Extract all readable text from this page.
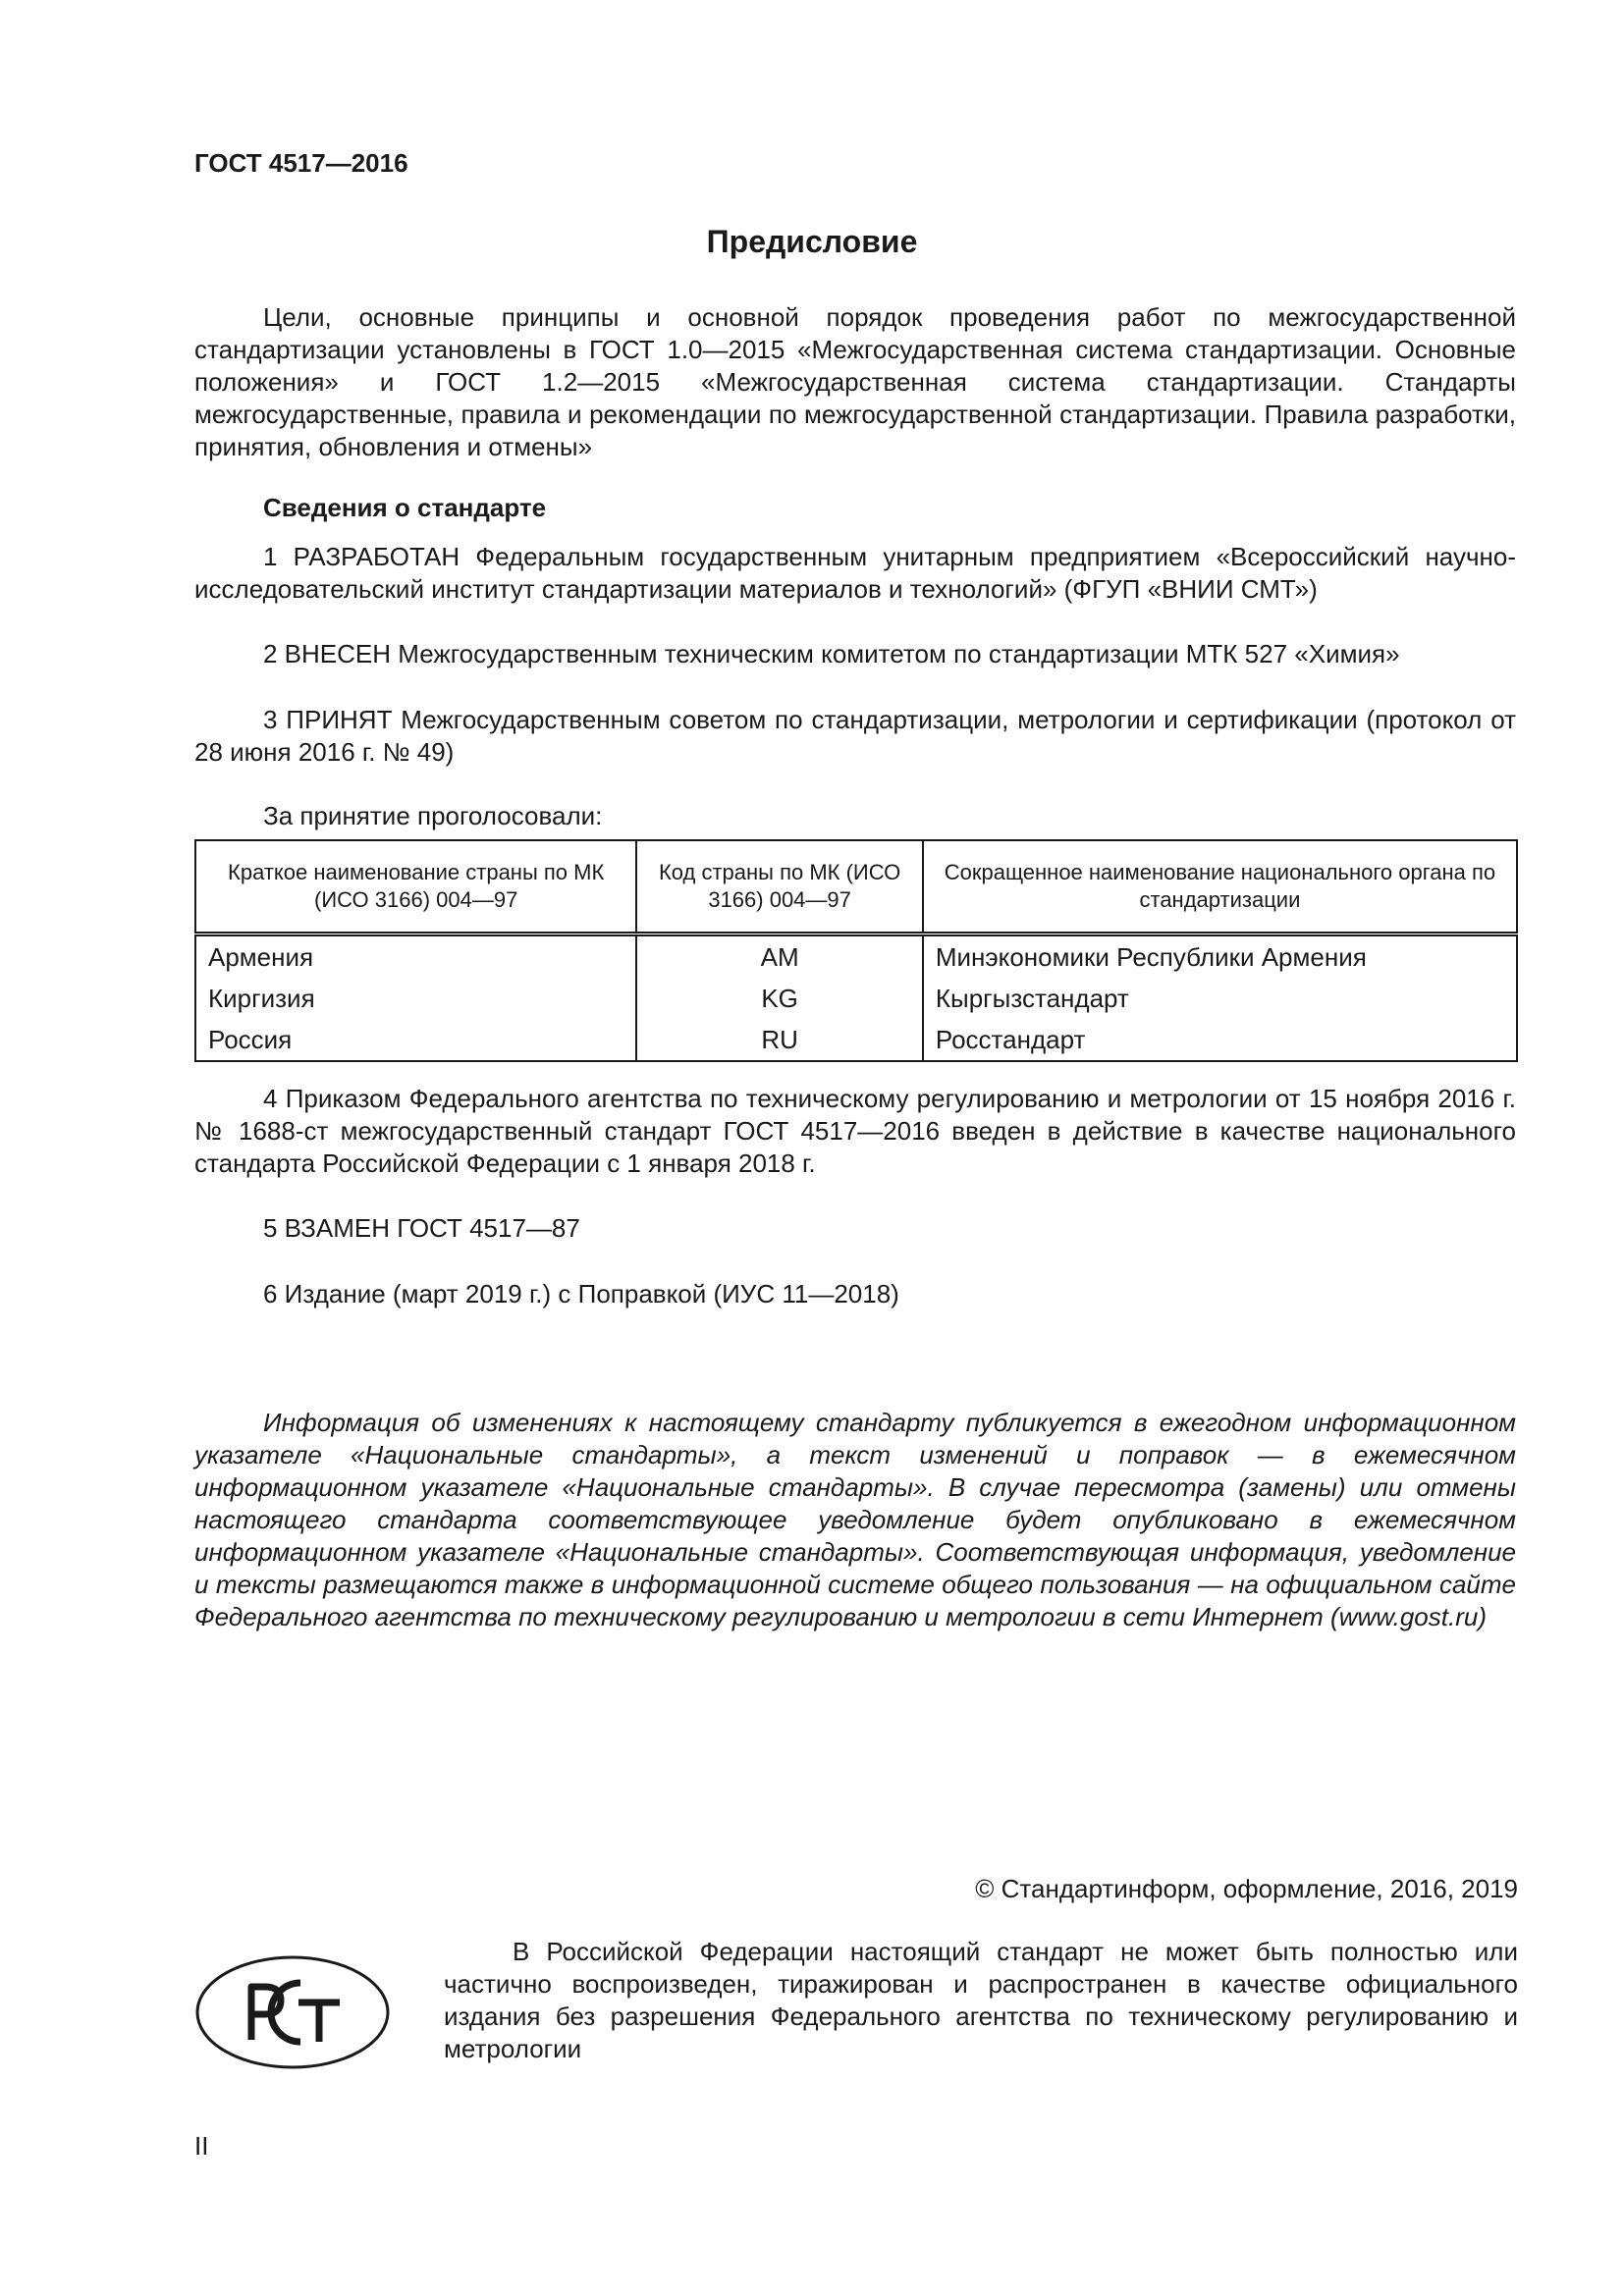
ГОСТ 4517—2016
Предисловие
Цели, основные принципы и основной порядок проведения работ по межгосударственной стандартизации установлены в ГОСТ 1.0—2015 «Межгосударственная система стандартизации. Основные положения» и ГОСТ 1.2—2015 «Межгосударственная система стандартизации. Стандарты межгосударственные, правила и рекомендации по межгосударственной стандартизации. Правила разработки, принятия, обновления и отмены»
Сведения о стандарте
1 РАЗРАБОТАН Федеральным государственным унитарным предприятием «Всероссийский научно-исследовательский институт стандартизации материалов и технологий» (ФГУП «ВНИИ СМТ»)
2 ВНЕСЕН Межгосударственным техническим комитетом по стандартизации МТК 527 «Химия»
3 ПРИНЯТ Межгосударственным советом по стандартизации, метрологии и сертификации (протокол от 28 июня 2016 г. № 49)
За принятие проголосовали:
Краткое наименование страны по МК (ИСО 3166) 004—97	Код страны по МК (ИСО 3166) 004—97	Сокращенное наименование национального органа по стандартизации
Армения	AM	Минэкономики Республики Армения
Киргизия	KG	Кыргызстандарт
Россия	RU	Росстандарт
4 Приказом Федерального агентства по техническому регулированию и метрологии от 15 ноября 2016 г. № 1688-ст межгосударственный стандарт ГОСТ 4517—2016 введен в действие в качестве национального стандарта Российской Федерации с 1 января 2018 г.
5 ВЗАМЕН ГОСТ 4517—87
6 Издание (март 2019 г.) с Поправкой (ИУС 11—2018)
Информация об изменениях к настоящему стандарту публикуется в ежегодном информационном указателе «Национальные стандарты», а текст изменений и поправок — в ежемесячном информационном указателе «Национальные стандарты». В случае пересмотра (замены) или отмены настоящего стандарта соответствующее уведомление будет опубликовано в ежемесячном информационном указателе «Национальные стандарты». Соответствующая информация, уведомление и тексты размещаются также в информационной системе общего пользования — на официальном сайте Федерального агентства по техническому регулированию и метрологии в сети Интернет (www.gost.ru)
© Стандартинформ, оформление, 2016, 2019
В Российской Федерации настоящий стандарт не может быть полностью или частично воспроизведен, тиражирован и распространен в качестве официального издания без разрешения Федерального агентства по техническому регулированию и метрологии
II
